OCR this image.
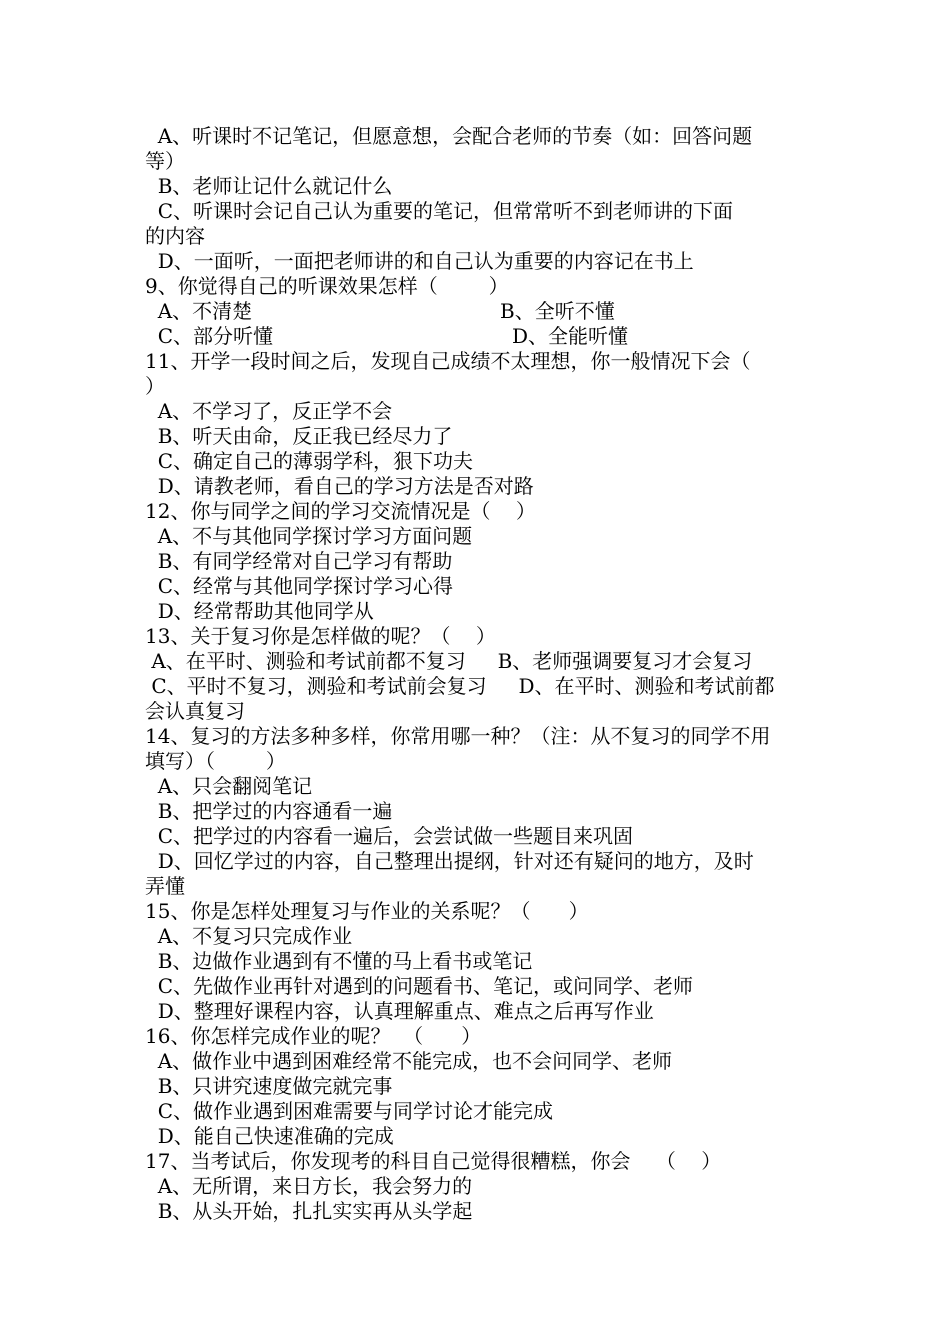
A、听课时不记笔记，但愿意想，会配合老师的节奏（如：回答问题
等）
B、老师让记什么就记什么
C、听课时会记自己认为重要的笔记，但常常听不到老师讲的下面
的内容
D、一面听，一面把老师讲的和自己认为重要的内容记在书上
9、你觉得自己的听课效果怎样（        ）
A、不清楚	B、全听不懂
C、部分听懂	D、全能听懂
11、开学一段时间之后，发现自己成绩不太理想，你一般情况下会（
）
A、不学习了，反正学不会
B、听天由命，反正我已经尽力了
C、确定自己的薄弱学科，狠下功夫
D、请教老师，看自己的学习方法是否对路
12、你与同学之间的学习交流情况是（    ）
A、不与其他同学探讨学习方面问题
B、有同学经常对自己学习有帮助
C、经常与其他同学探讨学习心得
D、经常帮助其他同学从
13、关于复习你是怎样做的呢？（    ）
A、在平时、测验和考试前都不复习     B、老师强调要复习才会复习
C、平时不复习，测验和考试前会复习     D、在平时、测验和考试前都
会认真复习
14、复习的方法多种多样，你常用哪一种？（注：从不复习的同学不用
填写）（        ）
A、只会翻阅笔记
B、把学过的内容通看一遍
C、把学过的内容看一遍后，会尝试做一些题目来巩固
D、回忆学过的内容，自己整理出提纲，针对还有疑问的地方，及时
弄懂
15、你是怎样处理复习与作业的关系呢？（      ）
A、不复习只完成作业
B、边做作业遇到有不懂的马上看书或笔记
C、先做作业再针对遇到的问题看书、笔记，或问同学、老师
D、整理好课程内容，认真理解重点、难点之后再写作业
16、你怎样完成作业的呢？  （      ）
A、做作业中遇到困难经常不能完成，也不会问同学、老师
B、只讲究速度做完就完事
C、做作业遇到困难需要与同学讨论才能完成
D、能自己快速准确的完成
17、当考试后，你发现考的科目自己觉得很糟糕，你会    （    ）
A、无所谓，来日方长，我会努力的
B、从头开始，扎扎实实再从头学起
